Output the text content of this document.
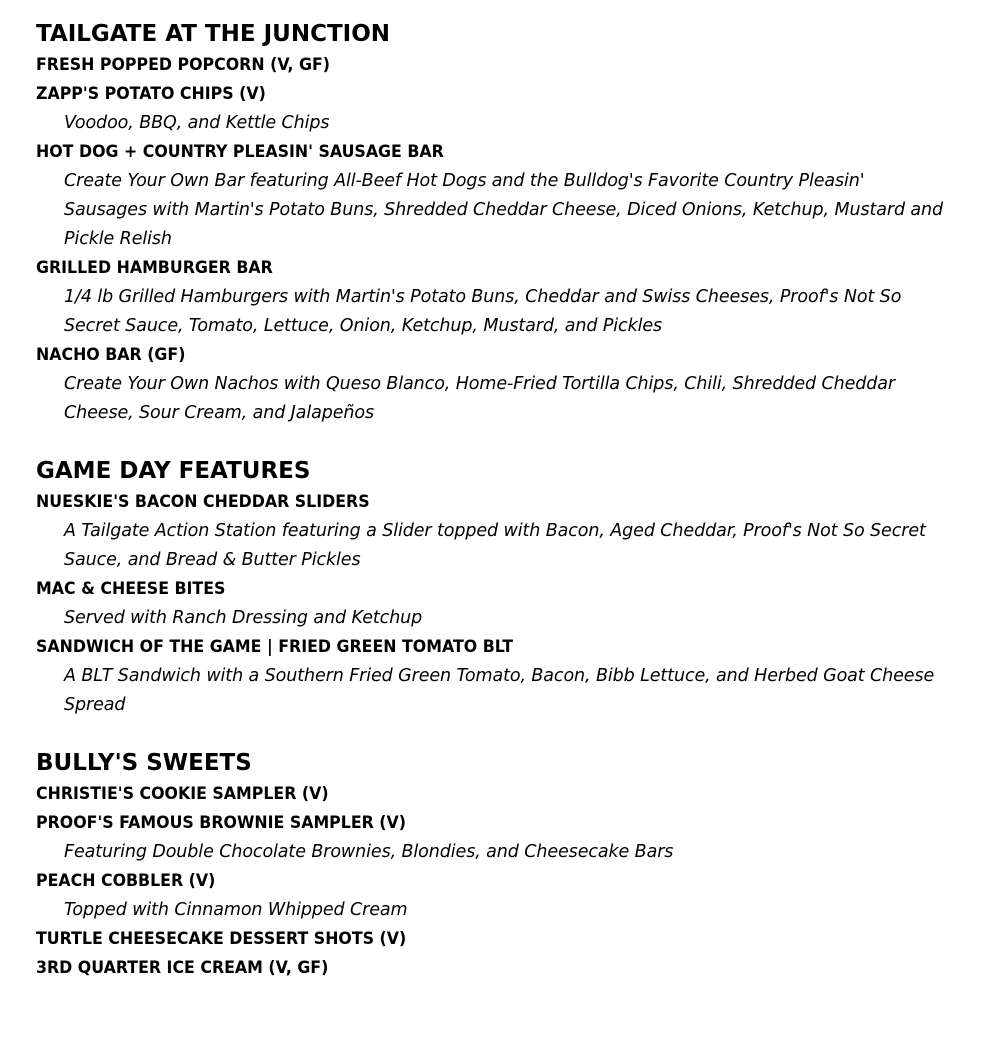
TAILGATE AT THE JUNCTION
FRESH POPPED POPCORN (V, GF)
ZAPP'S POTATO CHIPS (V)
Voodoo, BBQ, and Kettle Chips
HOT DOG + COUNTRY PLEASIN' SAUSAGE BAR
Create Your Own Bar featuring All-Beef Hot Dogs and the Bulldog's Favorite Country Pleasin' Sausages with Martin's Potato Buns, Shredded Cheddar Cheese, Diced Onions, Ketchup, Mustard and Pickle Relish
GRILLED HAMBURGER BAR
1/4 lb Grilled Hamburgers with Martin's Potato Buns, Cheddar and Swiss Cheeses, Proof's Not So Secret Sauce, Tomato, Lettuce, Onion, Ketchup, Mustard, and Pickles
NACHO BAR (GF)
Create Your Own Nachos with Queso Blanco, Home-Fried Tortilla Chips, Chili, Shredded Cheddar Cheese, Sour Cream, and Jalapeños
GAME DAY FEATURES
NUESKIE'S BACON CHEDDAR SLIDERS
A Tailgate Action Station featuring a Slider topped with Bacon, Aged Cheddar, Proof's Not So Secret Sauce, and Bread & Butter Pickles
MAC & CHEESE BITES
Served with Ranch Dressing and Ketchup
SANDWICH OF THE GAME | FRIED GREEN TOMATO BLT
A BLT Sandwich with a Southern Fried Green Tomato, Bacon, Bibb Lettuce, and Herbed Goat Cheese Spread
BULLY'S SWEETS
CHRISTIE'S COOKIE SAMPLER (V)
PROOF'S FAMOUS BROWNIE SAMPLER (V)
Featuring Double Chocolate Brownies, Blondies, and Cheesecake Bars
PEACH COBBLER (V)
Topped with Cinnamon Whipped Cream
TURTLE CHEESECAKE DESSERT SHOTS (V)
3RD QUARTER ICE CREAM (V, GF)
